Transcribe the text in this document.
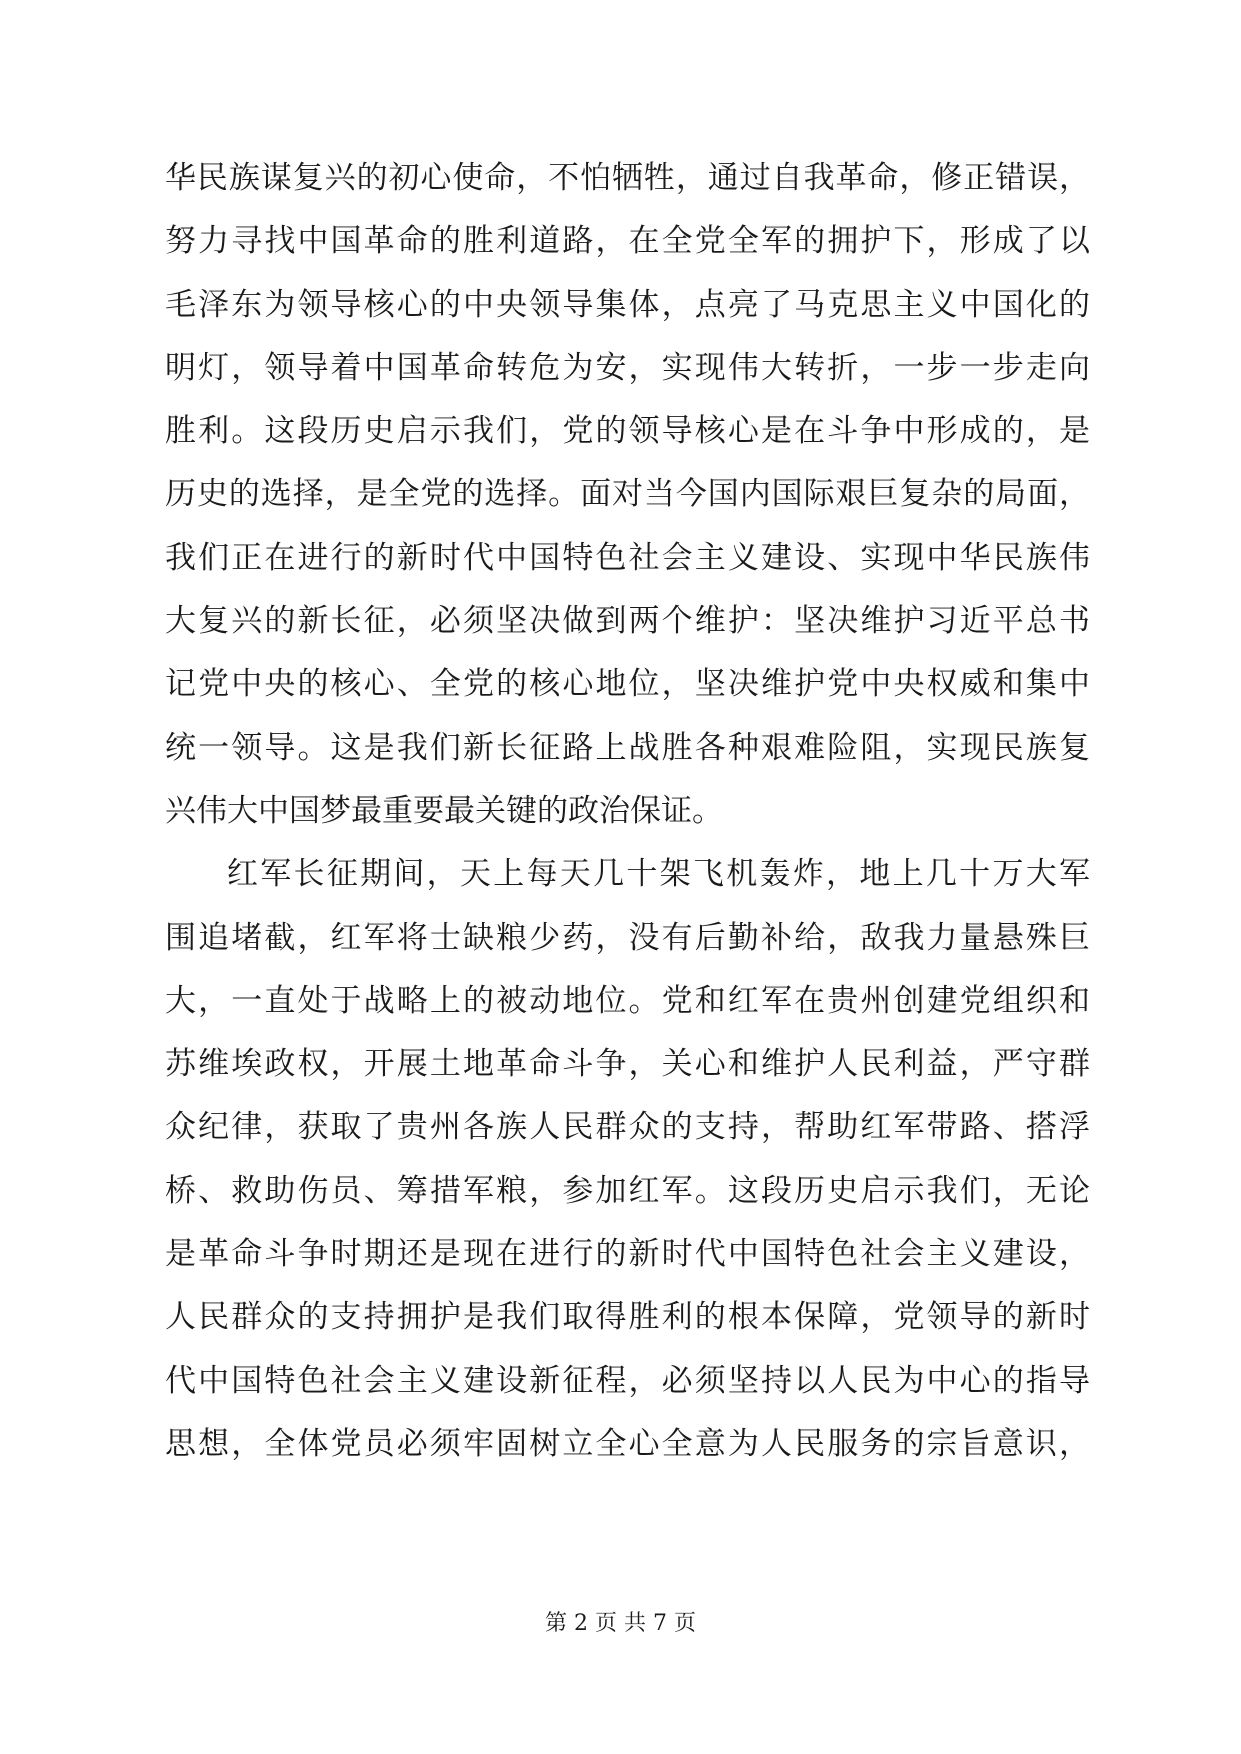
华民族谋复兴的初心使命，不怕牺牲，通过自我革命，修正错误，
努力寻找中国革命的胜利道路，在全党全军的拥护下，形成了以
毛泽东为领导核心的中央领导集体，点亮了马克思主义中国化的
明灯，领导着中国革命转危为安，实现伟大转折，一步一步走向
胜利。这段历史启示我们，党的领导核心是在斗争中形成的，是
历史的选择，是全党的选择。面对当今国内国际艰巨复杂的局面，
我们正在进行的新时代中国特色社会主义建设、实现中华民族伟
大复兴的新长征，必须坚决做到两个维护：坚决维护习近平总书
记党中央的核心、全党的核心地位，坚决维护党中央权威和集中
统一领导。这是我们新长征路上战胜各种艰难险阻，实现民族复
兴伟大中国梦最重要最关键的政治保证。
红军长征期间，天上每天几十架飞机轰炸，地上几十万大军
围追堵截，红军将士缺粮少药，没有后勤补给，敌我力量悬殊巨
大，一直处于战略上的被动地位。党和红军在贵州创建党组织和
苏维埃政权，开展土地革命斗争，关心和维护人民利益，严守群
众纪律，获取了贵州各族人民群众的支持，帮助红军带路、搭浮
桥、救助伤员、筹措军粮，参加红军。这段历史启示我们，无论
是革命斗争时期还是现在进行的新时代中国特色社会主义建设，
人民群众的支持拥护是我们取得胜利的根本保障，党领导的新时
代中国特色社会主义建设新征程，必须坚持以人民为中心的指导
思想，全体党员必须牢固树立全心全意为人民服务的宗旨意识，
第 2 页 共 7 页
